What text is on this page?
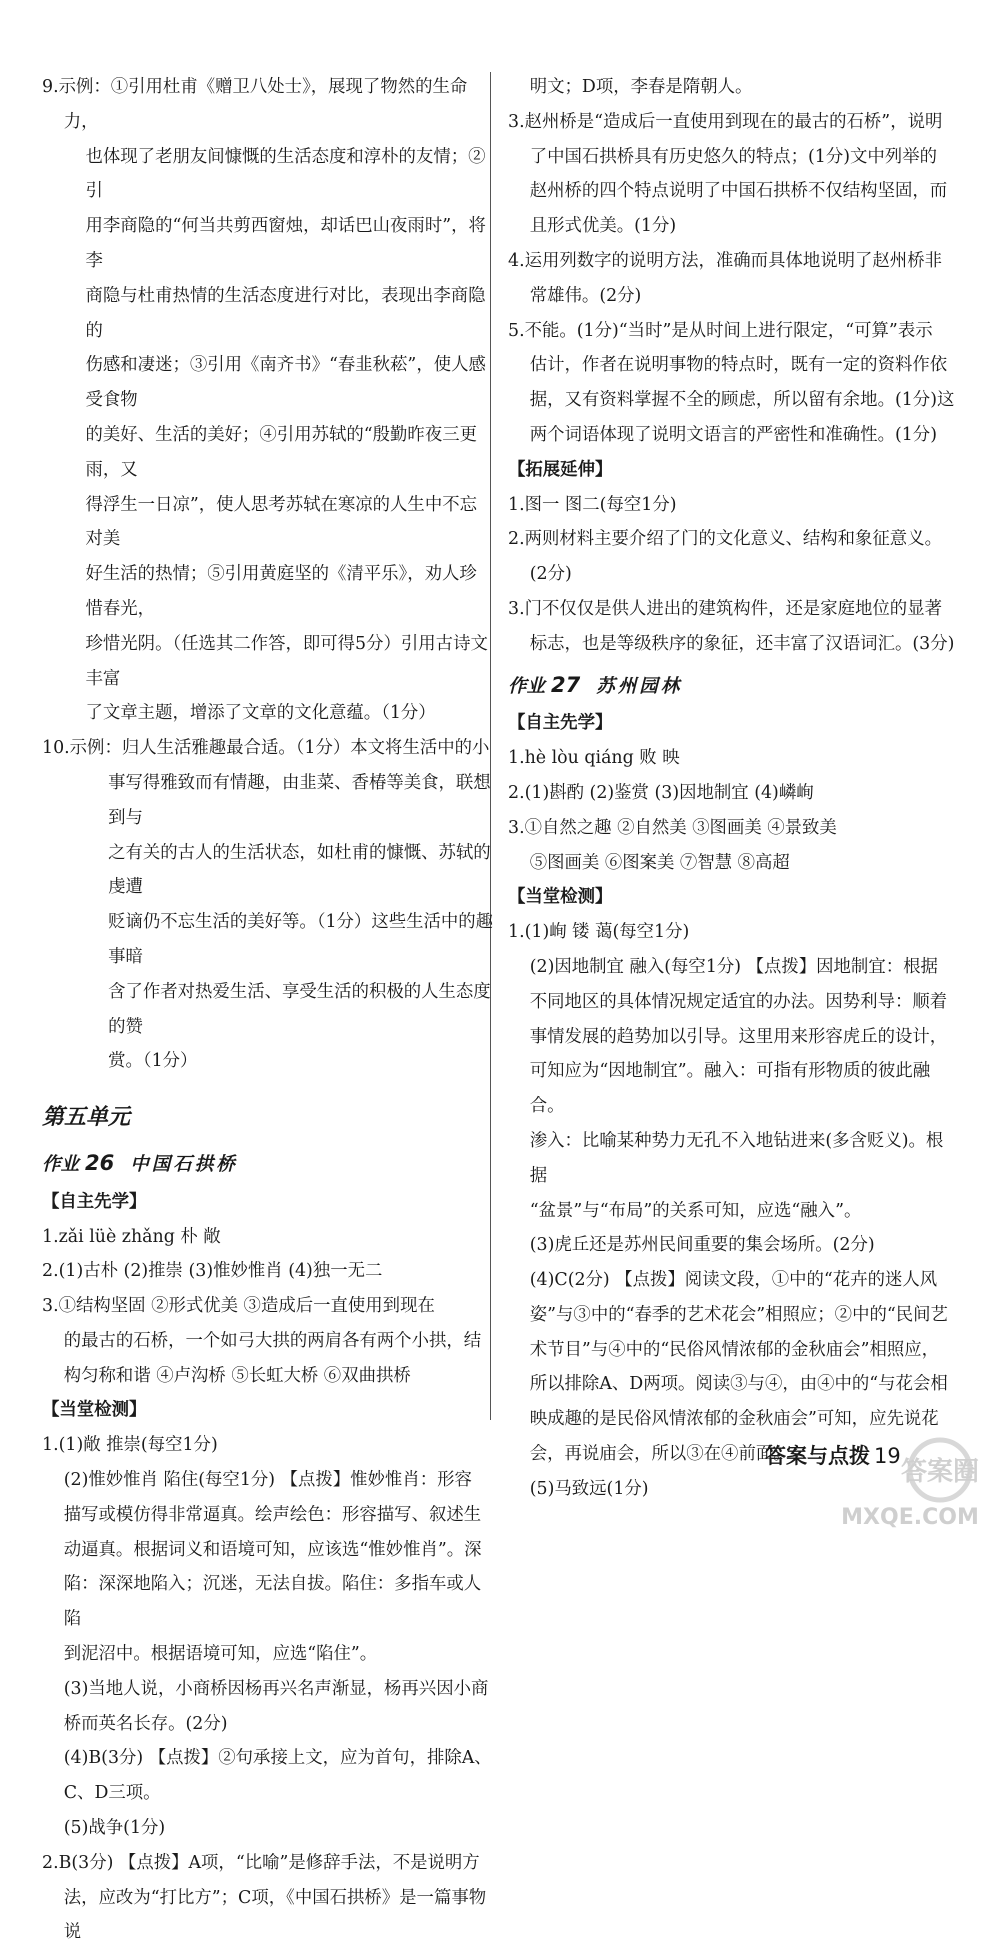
9.示例：①引用杜甫《赠卫八处士》，展现了物然的生命力，
也体现了老朋友间慷慨的生活态度和淳朴的友情；②引
用李商隐的“何当共剪西窗烛，却话巴山夜雨时”，将李
商隐与杜甫热情的生活态度进行对比，表现出李商隐的
伤感和凄迷；③引用《南齐书》“春韭秋菘”，使人感受食物
的美好、生活的美好；④引用苏轼的“殷勤昨夜三更雨，又
得浮生一日凉”，使人思考苏轼在寒凉的人生中不忘对美
好生活的热情；⑤引用黄庭坚的《清平乐》，劝人珍惜春光，
珍惜光阴。（任选其二作答，即可得5分）引用古诗文丰富
了文章主题，增添了文章的文化意蕴。（1分）
10.示例：归人生活雅趣最合适。（1分）本文将生活中的小
事写得雅致而有情趣，由韭菜、香椿等美食，联想到与
之有关的古人的生活状态，如杜甫的慷慨、苏轼的虔遭
贬谪仍不忘生活的美好等。（1分）这些生活中的趣事暗
含了作者对热爱生活、享受生活的积极的人生态度的赞
赏。（1分）
第五单元
作业 26 中国石拱桥
【自主先学】
1.zǎi lüè zhǎng 朴 敞
2.(1)古朴 (2)推崇 (3)惟妙惟肖 (4)独一无二
3.①结构坚固 ②形式优美 ③造成后一直使用到现在
的最古的石桥，一个如弓大拱的两肩各有两个小拱，结
构匀称和谐 ④卢沟桥 ⑤长虹大桥 ⑥双曲拱桥
【当堂检测】
1.(1)敞 推崇(每空1分)
(2)惟妙惟肖 陷住(每空1分) 【点拨】惟妙惟肖：形容
描写或模仿得非常逼真。绘声绘色：形容描写、叙述生
动逼真。根据词义和语境可知，应该选“惟妙惟肖”。深
陷：深深地陷入；沉迷，无法自拔。陷住：多指车或人陷
到泥沼中。根据语境可知，应选“陷住”。
(3)当地人说，小商桥因杨再兴名声渐显，杨再兴因小商
桥而英名长存。(2分)
(4)B(3分) 【点拨】②句承接上文，应为首句，排除A、
C、D三项。
(5)战争(1分)
2.B(3分) 【点拨】A项，“比喻”是修辞手法，不是说明方
法，应改为“打比方”；C项，《中国石拱桥》是一篇事物说
明文；D项，李春是隋朝人。
3.赵州桥是“造成后一直使用到现在的最古的石桥”，说明
了中国石拱桥具有历史悠久的特点；(1分)文中列举的
赵州桥的四个特点说明了中国石拱桥不仅结构坚固，而
且形式优美。(1分)
4.运用列数字的说明方法，准确而具体地说明了赵州桥非
常雄伟。(2分)
5.不能。(1分)“当时”是从时间上进行限定，“可算”表示
估计，作者在说明事物的特点时，既有一定的资料作依
据，又有资料掌握不全的顾虑，所以留有余地。(1分)这
两个词语体现了说明文语言的严密性和准确性。(1分)
【拓展延伸】
1.图一 图二(每空1分)
2.两则材料主要介绍了门的文化意义、结构和象征意义。
(2分)
3.门不仅仅是供人进出的建筑构件，还是家庭地位的显著
标志，也是等级秩序的象征，还丰富了汉语词汇。(3分)
作业 27 苏州园林
【自主先学】
1.hè lòu qiáng 败 映
2.(1)斟酌 (2)鉴赏 (3)因地制宜 (4)嶙峋
3.①自然之趣 ②自然美 ③图画美 ④景致美
⑤图画美 ⑥图案美 ⑦智慧 ⑧高超
【当堂检测】
1.(1)峋 镂 蔼(每空1分)
(2)因地制宜 融入(每空1分) 【点拨】因地制宜：根据
不同地区的具体情况规定适宜的办法。因势利导：顺着
事情发展的趋势加以引导。这里用来形容虎丘的设计，
可知应为“因地制宜”。融入：可指有形物质的彼此融合。
渗入：比喻某种势力无孔不入地钻进来(多含贬义)。根据
“盆景”与“布局”的关系可知，应选“融入”。
(3)虎丘还是苏州民间重要的集会场所。(2分)
(4)C(2分) 【点拨】阅读文段，①中的“花卉的迷人风
姿”与③中的“春季的艺术花会”相照应；②中的“民间艺
术节目”与④中的“民俗风情浓郁的金秋庙会”相照应，
所以排除A、D两项。阅读③与④，由④中的“与花会相
映成趣的是民俗风情浓郁的金秋庙会”可知，应先说花
会，再说庙会，所以③在④前面。
(5)马致远(1分)
答案与点拨 19
答案圈
MXQE.COM
